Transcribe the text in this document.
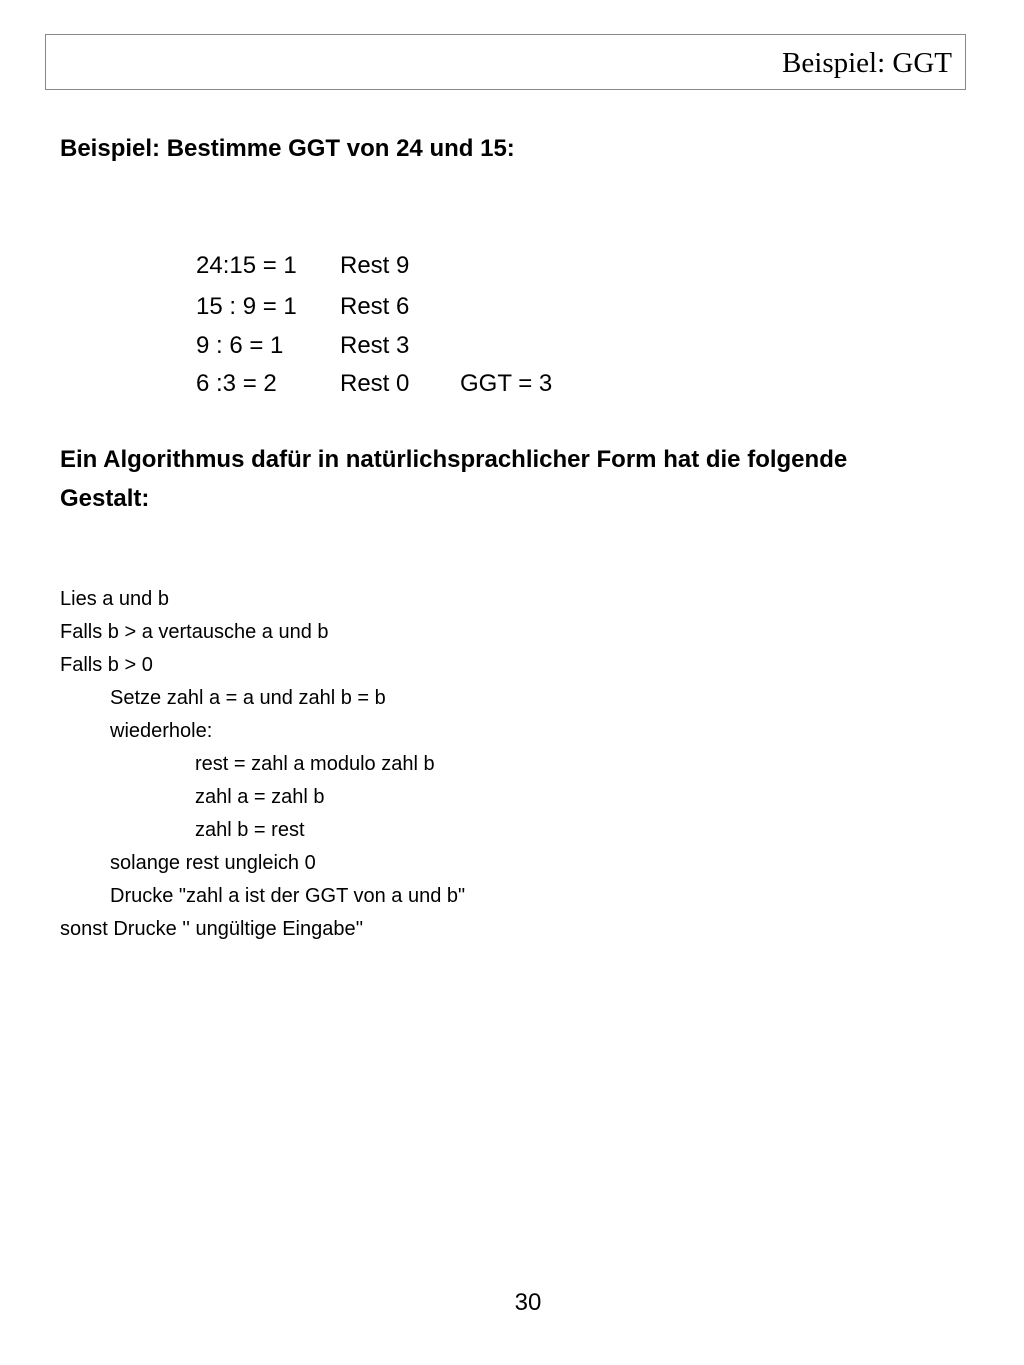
Beispiel: GGT
Beispiel: Bestimme GGT von 24 und 15:
24:15 = 1 Rest 9
15 : 9 = 1 Rest 6
9 : 6 = 1 Rest 3
6 :3 = 2	Rest 0 GGT = 3
Ein Algorithmus dafür in natürlichsprachlicher Form hat die folgende
Gestalt:
Lies a und b
Falls b > a vertausche a und b
Falls b > 0
Setze zahl a = a und zahl b = b
wiederhole:
rest = zahl a modulo zahl b
zahl a = zahl b
zahl b = rest
solange rest ungleich 0
Drucke "zahl a ist der GGT von a und b"
sonst Drucke '' ungültige Eingabe''
30
